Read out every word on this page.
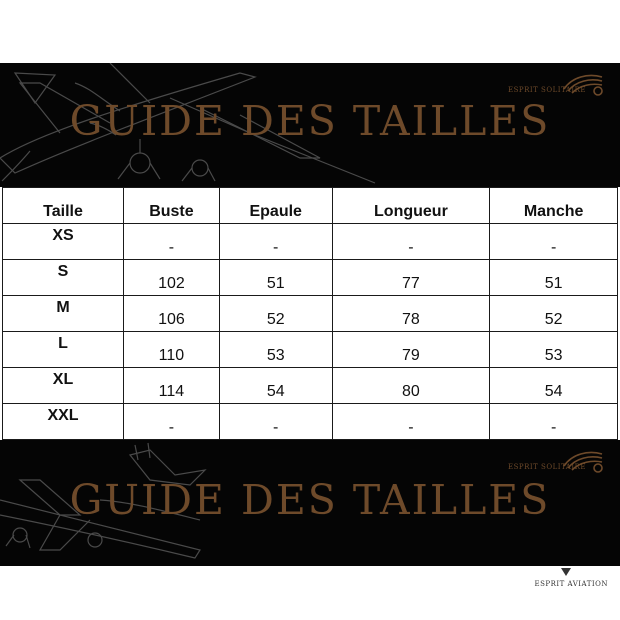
GUIDE DES TAILLES
ESPRIT SOLITAIRE
Taille	Buste	Epaule	Longueur	Manche
XS	-	-	-	-
S	102	51	77	51
M	106	52	78	52
L	110	53	79	53
XL	114	54	80	54
XXL	-	-	-	-
GUIDE DES TAILLES
ESPRIT SOLITAIRE
ESPRIT AVIATION
